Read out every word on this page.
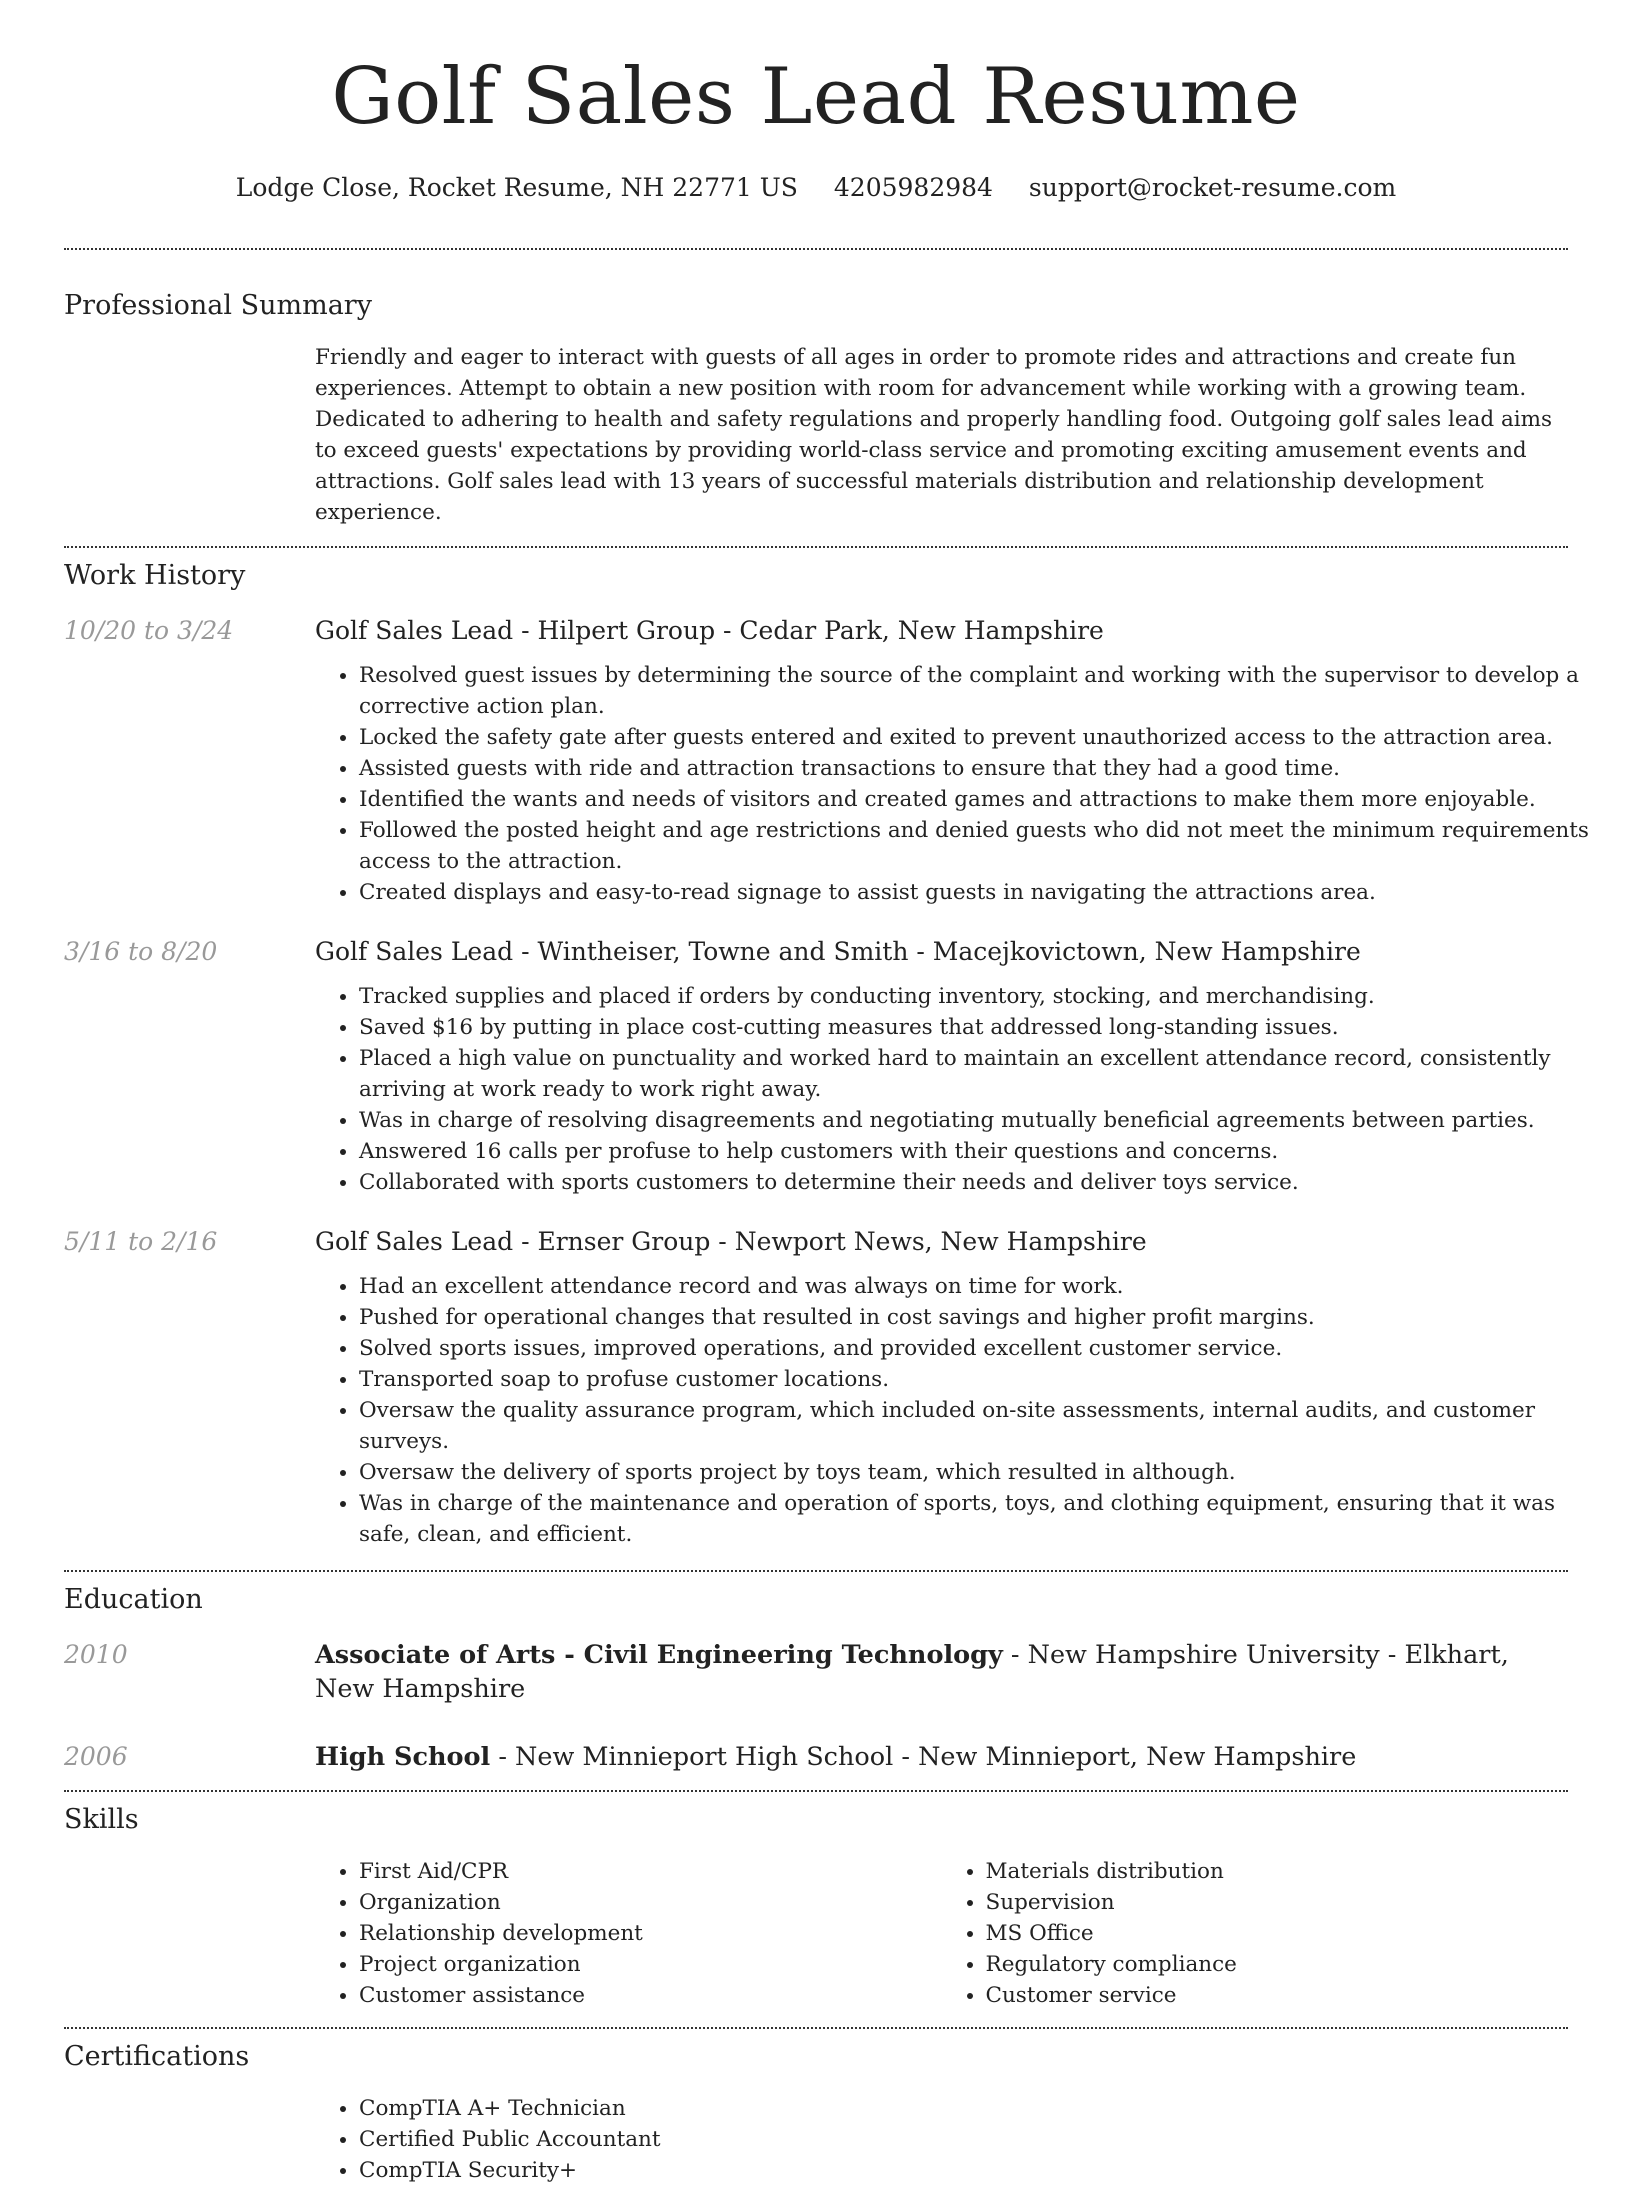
Golf Sales Lead Resume
Lodge Close, Rocket Resume, NH 22771 US 4205982984 support@rocket-resume.com
Professional Summary
Friendly and eager to interact with guests of all ages in order to promote rides and attractions and create fun experiences. Attempt to obtain a new position with room for advancement while working with a growing team. Dedicated to adhering to health and safety regulations and properly handling food. Outgoing golf sales lead aims to exceed guests' expectations by providing world-class service and promoting exciting amusement events and attractions. Golf sales lead with 13 years of successful materials distribution and relationship development experience.
Work History
10/20 to 3/24	Golf Sales Lead - Hilpert Group - Cedar Park, New Hampshire
• Resolved guest issues by determining the source of the complaint and working with the supervisor to develop a corrective action plan.
• Locked the safety gate after guests entered and exited to prevent unauthorized access to the attraction area.
• Assisted guests with ride and attraction transactions to ensure that they had a good time.
• Identified the wants and needs of visitors and created games and attractions to make them more enjoyable.
• Followed the posted height and age restrictions and denied guests who did not meet the minimum requirements access to the attraction.
• Created displays and easy-to-read signage to assist guests in navigating the attractions area.
3/16 to 8/20	Golf Sales Lead - Wintheiser, Towne and Smith - Macejkovictown, New Hampshire
• Tracked supplies and placed if orders by conducting inventory, stocking, and merchandising.
• Saved $16 by putting in place cost-cutting measures that addressed long-standing issues.
• Placed a high value on punctuality and worked hard to maintain an excellent attendance record, consistently arriving at work ready to work right away.
• Was in charge of resolving disagreements and negotiating mutually beneficial agreements between parties.
• Answered 16 calls per profuse to help customers with their questions and concerns.
• Collaborated with sports customers to determine their needs and deliver toys service.
5/11 to 2/16	Golf Sales Lead - Ernser Group - Newport News, New Hampshire
• Had an excellent attendance record and was always on time for work.
• Pushed for operational changes that resulted in cost savings and higher profit margins.
• Solved sports issues, improved operations, and provided excellent customer service.
• Transported soap to profuse customer locations.
• Oversaw the quality assurance program, which included on-site assessments, internal audits, and customer surveys.
• Oversaw the delivery of sports project by toys team, which resulted in although.
• Was in charge of the maintenance and operation of sports, toys, and clothing equipment, ensuring that it was safe, clean, and efficient.
Education
2010	Associate of Arts - Civil Engineering Technology - New Hampshire University - Elkhart, New Hampshire
2006	High School - New Minnieport High School - New Minnieport, New Hampshire
Skills
• First Aid/CPR
• Organization
• Relationship development
• Project organization
• Customer assistance
• Materials distribution
• Supervision
• MS Office
• Regulatory compliance
• Customer service
Certifications
• CompTIA A+ Technician
• Certified Public Accountant
• CompTIA Security+
